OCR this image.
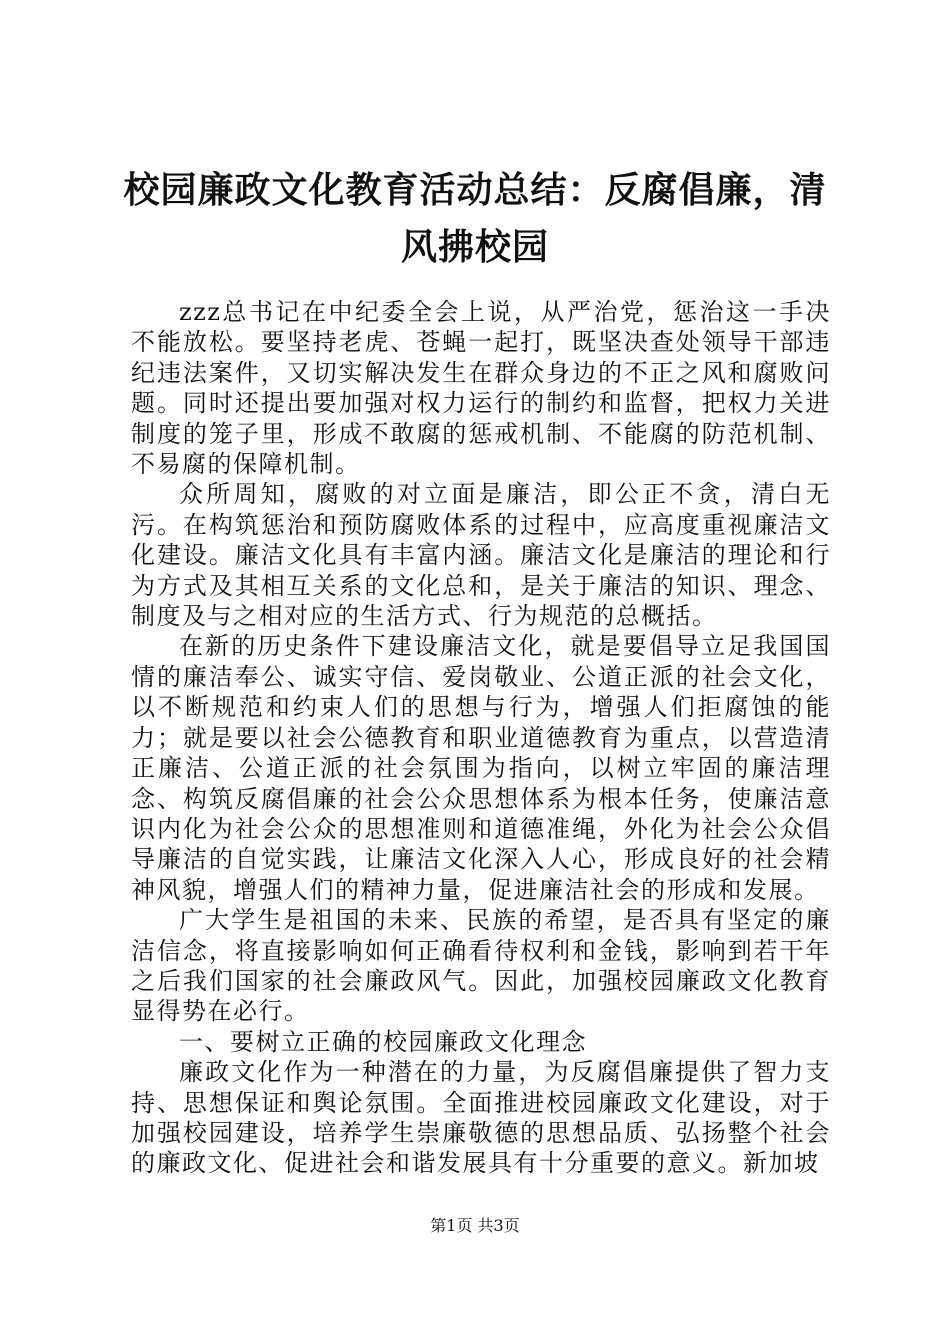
校园廉政文化教育活动总结：反腐倡廉，清风拂校园

zzz总书记在中纪委全会上说，从严治党，惩治这一手决不能放松。要坚持老虎、苍蝇一起打，既坚决查处领导干部违纪违法案件，又切实解决发生在群众身边的不正之风和腐败问题。同时还提出要加强对权力运行的制约和监督，把权力关进制度的笼子里，形成不敢腐的惩戒机制、不能腐的防范机制、不易腐的保障机制。

众所周知，腐败的对立面是廉洁，即公正不贪，清白无污。在构筑惩治和预防腐败体系的过程中，应高度重视廉洁文化建设。廉洁文化具有丰富内涵。廉洁文化是廉洁的理论和行为方式及其相互关系的文化总和，是关于廉洁的知识、理念、制度及与之相对应的生活方式、行为规范的总概括。

在新的历史条件下建设廉洁文化，就是要倡导立足我国国情的廉洁奉公、诚实守信、爱岗敬业、公道正派的社会文化，以不断规范和约束人们的思想与行为，增强人们拒腐蚀的能力；就是要以社会公德教育和职业道德教育为重点，以营造清正廉洁、公道正派的社会氛围为指向，以树立牢固的廉洁理念、构筑反腐倡廉的社会公众思想体系为根本任务，使廉洁意识内化为社会公众的思想准则和道德准绳，外化为社会公众倡导廉洁的自觉实践，让廉洁文化深入人心，形成良好的社会精神风貌，增强人们的精神力量，促进廉洁社会的形成和发展。

广大学生是祖国的未来、民族的希望，是否具有坚定的廉洁信念，将直接影响如何正确看待权利和金钱，影响到若干年之后我们国家的社会廉政风气。因此，加强校园廉政文化教育显得势在必行。

一、要树立正确的校园廉政文化理念

廉政文化作为一种潜在的力量，为反腐倡廉提供了智力支持、思想保证和舆论氛围。全面推进校园廉政文化建设，对于加强校园建设，培养学生崇廉敬德的思想品质、弘扬整个社会的廉政文化、促进社会和谐发展具有十分重要的意义。新加坡

第1页 共3页
